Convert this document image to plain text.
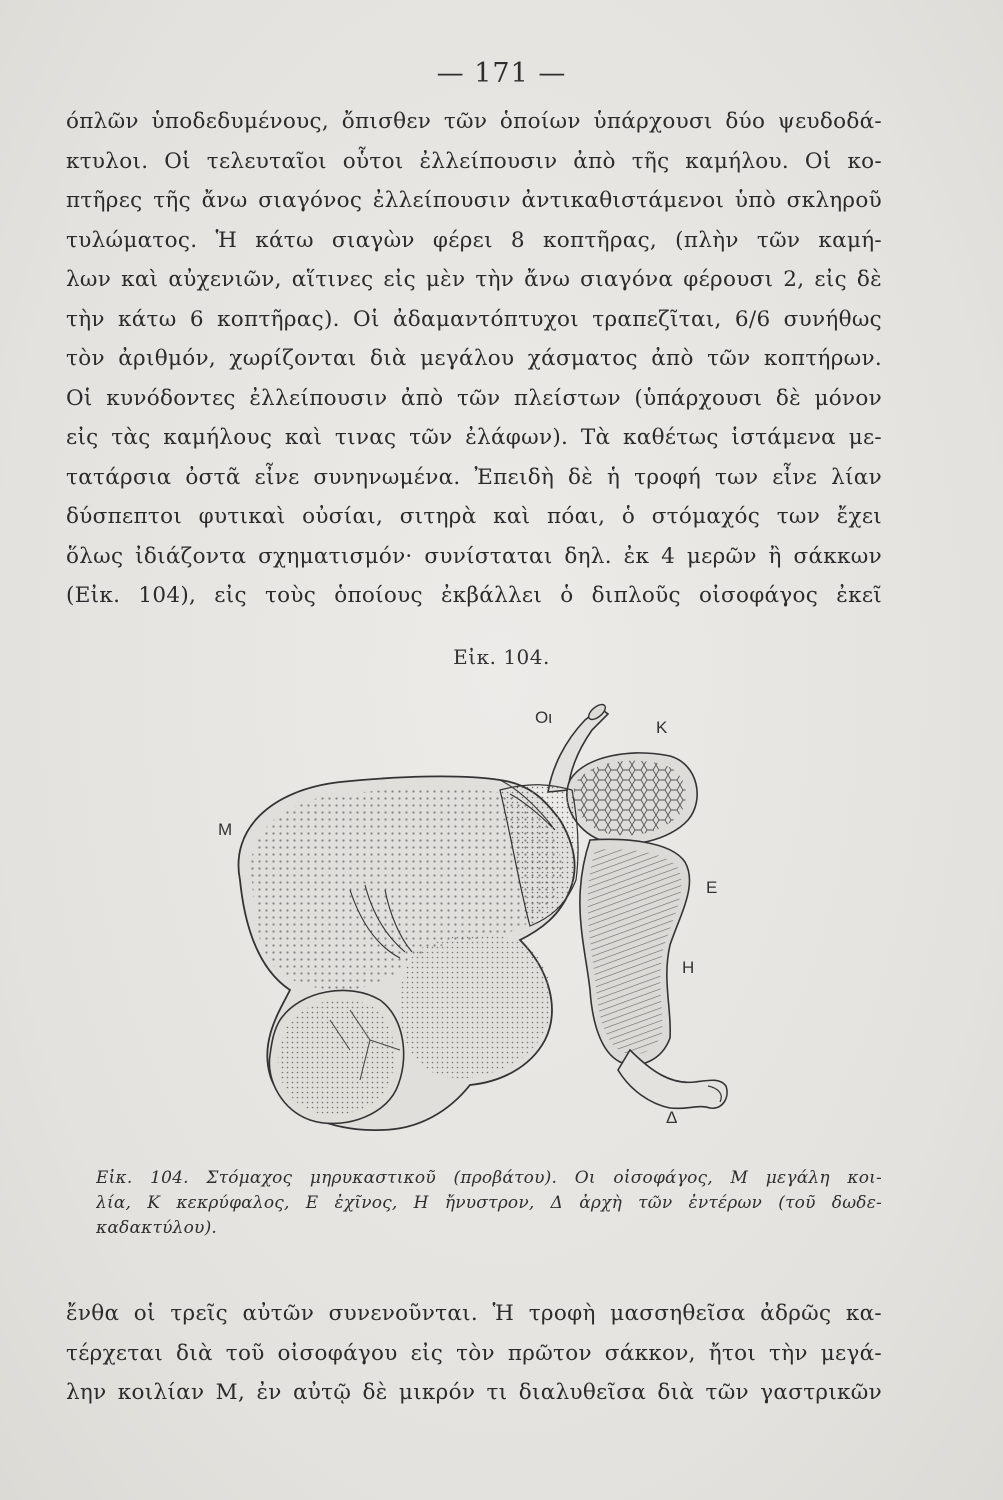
— 171 —
όπλῶν ὑποδεδυμένους, ὄπισθεν τῶν ὁποίων ὑπάρχουσι δύο ψευδοδά-
κτυλοι. Οἱ τελευταῖοι οὗτοι ἐλλείπουσιν ἀπὸ τῆς καμήλου. Οἱ κο-
πτῆρες τῆς ἄνω σιαγόνος ἐλλείπουσιν ἀντικαθιστάμενοι ὑπὸ σκληροῦ
τυλώματος. Ἡ κάτω σιαγὼν φέρει 8 κοπτῆρας, (πλὴν τῶν καμή-
λων καὶ αὐχενιῶν, αἵτινες εἰς μὲν τὴν ἄνω σιαγόνα φέρουσι 2, εἰς δὲ
τὴν κάτω 6 κοπτῆρας). Οἱ ἀδαμαντόπτυχοι τραπεζῖται, 6/6 συνήθως
τὸν ἀριθμόν, χωρίζονται διὰ μεγάλου χάσματος ἀπὸ τῶν κοπτήρων.
Οἱ κυνόδοντες ἐλλείπουσιν ἀπὸ τῶν πλείστων (ὑπάρχουσι δὲ μόνον
εἰς τὰς καμήλους καὶ τινας τῶν ἐλάφων). Τὰ καθέτως ἱστάμενα με-
τατάρσια ὀστᾶ εἶνε συνηνωμένα. Ἐπειδὴ δὲ ἡ τροφή των εἶνε λίαν
δύσπεπτοι φυτικαὶ οὐσίαι, σιτηρὰ καὶ πόαι, ὁ στόμαχός των ἔχει
ὅλως ἰδιάζοντα σχηματισμόν· συνίσταται δηλ. ἐκ 4 μερῶν ἢ σάκκων
(Εἰκ. 104), εἰς τοὺς ὁποίους ἐκβάλλει ὁ διπλοῦς οἰσοφάγος ἐκεῖ
Εἰκ. 104.
Οι
Κ
Μ
Ε
Η
Δ
Εἰκ. 104. Στόμαχος μηρυκαστικοῦ (προβάτου). Οι οἰσοφάγος, Μ μεγάλη κοι-
λία, Κ κεκρύφαλος, Ε ἐχῖνος, Η ἤνυστρον, Δ ἀρχὴ τῶν ἐντέρων (τοῦ δωδε-
καδακτύλου).
ἔνθα οἱ τρεῖς αὐτῶν συνενοῦνται. Ἡ τροφὴ μασσηθεῖσα ἀδρῶς κα-
τέρχεται διὰ τοῦ οἰσοφάγου εἰς τὸν πρῶτον σάκκον, ἤτοι τὴν μεγά-
λην κοιλίαν Μ, ἐν αὐτῷ δὲ μικρόν τι διαλυθεῖσα διὰ τῶν γαστρικῶν
